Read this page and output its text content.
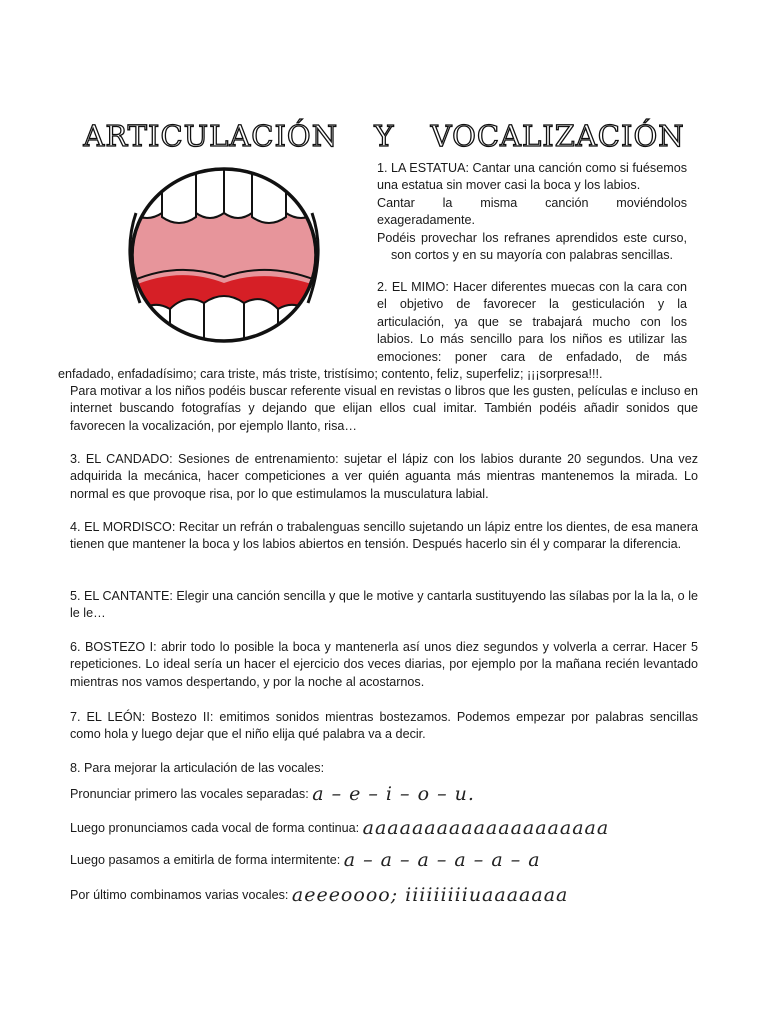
ARTICULACIÓN Y VOCALIZACIÓN
1. LA ESTATUA: Cantar una canción como si fuésemos
una estatua sin mover casi la boca y los labios.
Cantar la misma canción moviéndolos
exageradamente.
Podéis provechar los refranes aprendidos este curso,
son cortos y en su mayoría con palabras sencillas.
2. EL MIMO: Hacer diferentes muecas con la cara con
el objetivo de favorecer la gesticulación y la
articulación, ya que se trabajará mucho con los
labios. Lo más sencillo para los niños es utilizar las
emociones: poner cara de enfadado, de más
enfadado, enfadadísimo; cara triste, más triste, tristísimo; contento, feliz, superfeliz; ¡¡¡sorpresa!!!.
Para motivar a los niños podéis buscar referente visual en revistas o libros que les gusten, películas e incluso en internet buscando fotografías y dejando que elijan ellos cual imitar. También podéis añadir sonidos que favorecen la vocalización, por ejemplo llanto, risa…
3. EL CANDADO: Sesiones de entrenamiento: sujetar el lápiz con los labios durante 20 segundos. Una vez adquirida la mecánica, hacer competiciones a ver quién aguanta más mientras mantenemos la mirada. Lo normal es que provoque risa, por lo que estimulamos la musculatura labial.
4. EL MORDISCO: Recitar un refrán o trabalenguas sencillo sujetando un lápiz entre los dientes, de esa manera tienen que mantener la boca y los labios abiertos en tensión. Después hacerlo sin él y comparar la diferencia.
5. EL CANTANTE: Elegir una canción sencilla y que le motive y cantarla sustituyendo las sílabas por la la la, o le le le…
6. BOSTEZO I: abrir todo lo posible la boca y mantenerla así unos diez segundos y volverla a cerrar. Hacer 5 repeticiones. Lo ideal sería un hacer el ejercicio dos veces diarias, por ejemplo por la mañana recién levantado mientras nos vamos despertando, y por la noche al acostarnos.
7. EL LEÓN: Bostezo II: emitimos sonidos mientras bostezamos. Podemos empezar por palabras sencillas como hola y luego dejar que el niño elija qué palabra va a decir.
8. Para mejorar la articulación de las vocales:
Pronunciar primero las vocales separadas: a – e – i – o – u.
Luego pronunciamos cada vocal de forma continua: aaaaaaaaaaaaaaaaaaaa
Luego pasamos a emitirla de forma intermitente: a – a – a – a – a – a
Por último combinamos varias vocales: aeeeoooo; iiiiiiiiiuaaaaaaa
